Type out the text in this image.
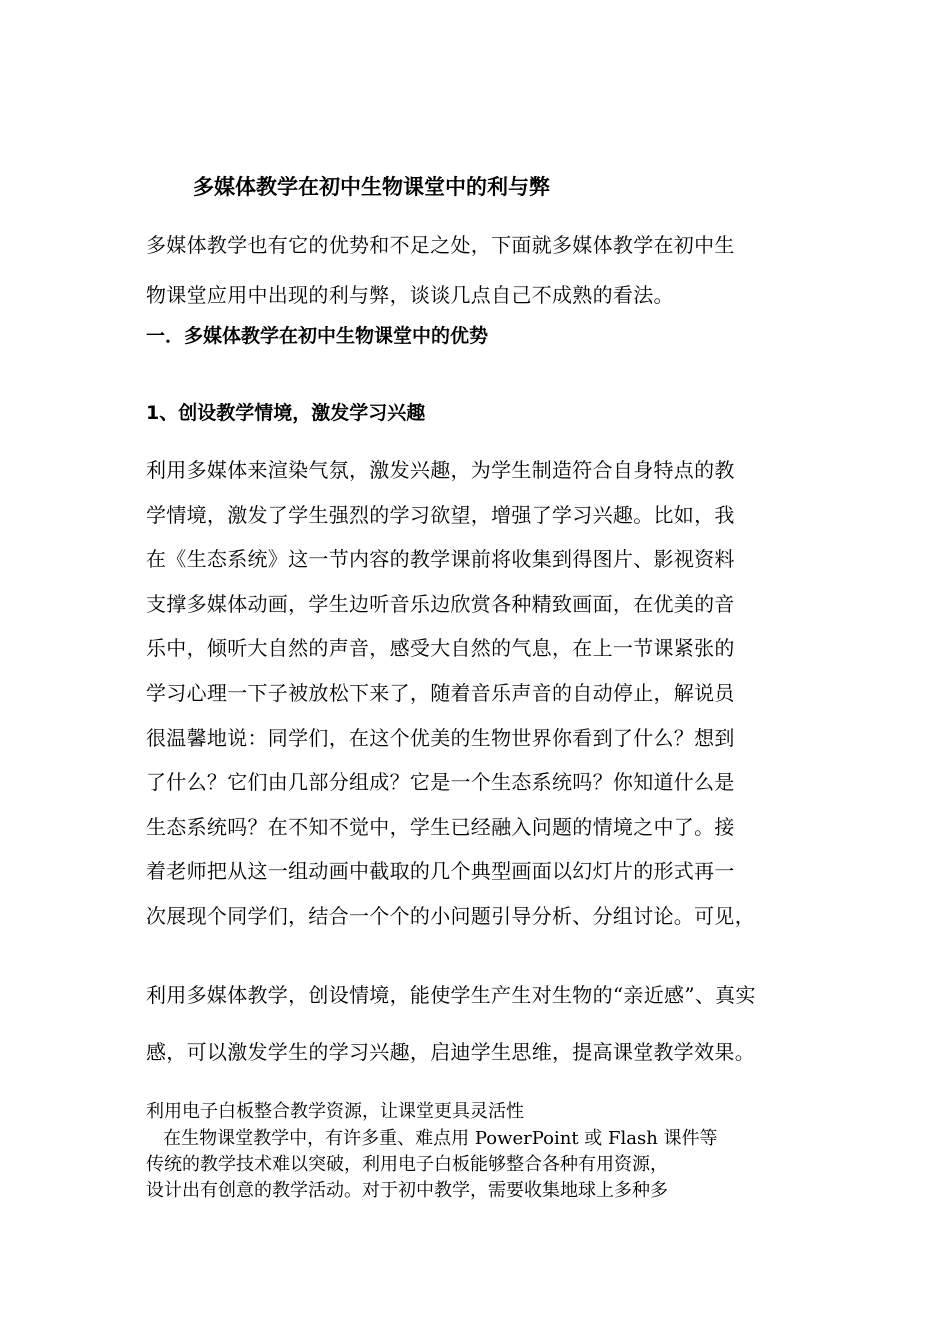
多媒体教学在初中生物课堂中的利与弊

多媒体教学也有它的优势和不足之处，下面就多媒体教学在初中生

物课堂应用中出现的利与弊，谈谈几点自己不成熟的看法。

一．多媒体教学在初中生物课堂中的优势
1、创设教学情境，激发学习兴趣

利用多媒体来渲染气氛，激发兴趣，为学生制造符合自身特点的教

学情境，激发了学生强烈的学习欲望，增强了学习兴趣。比如，我

在《生态系统》这一节内容的教学课前将收集到得图片、影视资料

支撑多媒体动画，学生边听音乐边欣赏各种精致画面，在优美的音

乐中，倾听大自然的声音，感受大自然的气息，在上一节课紧张的

学习心理一下子被放松下来了，随着音乐声音的自动停止，解说员

很温馨地说：同学们，在这个优美的生物世界你看到了什么？想到

了什么？它们由几部分组成？它是一个生态系统吗？你知道什么是

生态系统吗？在不知不觉中，学生已经融入问题的情境之中了。接

着老师把从这一组动画中截取的几个典型画面以幻灯片的形式再一

次展现个同学们，结合一个个的小问题引导分析、分组讨论。可见，

利用多媒体教学，创设情境，能使学生产生对生物的“亲近感”、真实

感，可以激发学生的学习兴趣，启迪学生思维，提高课堂教学效果。

利用电子白板整合教学资源，让课堂更具灵活性

在生物课堂教学中，有许多重、难点用 PowerPoint 或 Flash 课件等

传统的教学技术难以突破，利用电子白板能够整合各种有用资源，

设计出有创意的教学活动。对于初中教学，需要收集地球上多种多
